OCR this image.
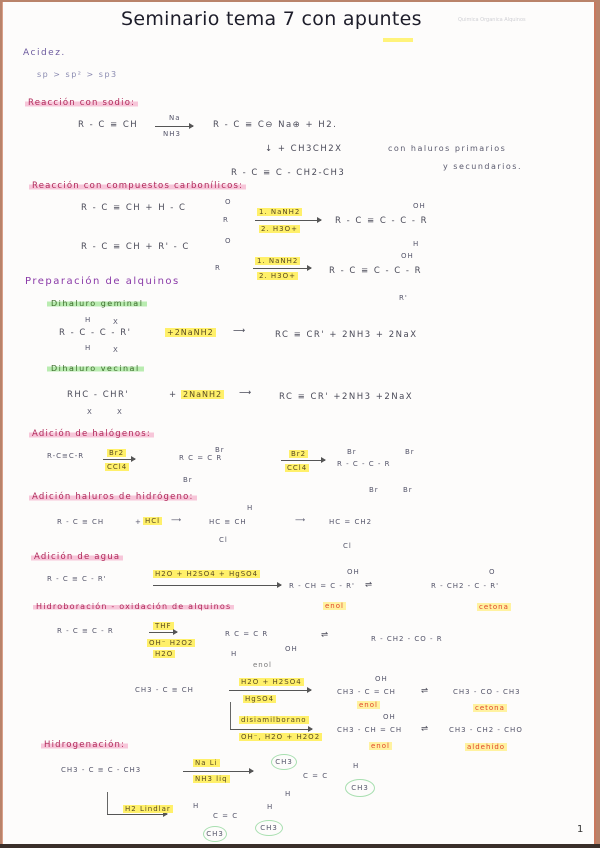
Seminario tema 7 con apuntes	Quimica Organica Alquinos
Acidez.
sp > sp² > sp3
Reacción con sodio:
R - C ≡ CH
Na
NH3
R - C ≡ C⊖ Na⊕ + H2.
↓ + CH3CH2X	con haluros primarios
y secundarios.
R - C ≡ C - CH2-CH3
Reacción con compuestos carbonílicos:
R - C ≡ CH + H - C
O
R
1. NaNH2
2. H3O+
R - C ≡ C - C - R
OH
H
R - C ≡ CH + R' - C
O
R
1. NaNH2
2. H3O+	R - C ≡ C - C - R
OH
R'
Preparación de alquinos
Dihaluro geminal
H	X
R - C - C - R'
H	X
+2NaNH2 ⟶	RC ≡ CR' + 2NH3 + 2NaX
Dihaluro vecinal
RHC - CHR'
X	X
+ 2NaNH2 ⟶	RC ≡ CR' +2NH3 +2NaX
Adición de halógenos:
R-C≡C-R	Br2
CCl4
R C = C R
Br
Br
Br2
CCl4	R - C - C - R
Br	Br
Br	Br
Adición haluros de hidrógeno:
R - C ≡ CH	+ HCl ⟶	HC ≡ CH
H
Cl
⟶	HC = CH2
Cl
Adición de agua
R - C ≡ C - R'
H2O + H2SO4 + HgSO4
R - CH = C - R'
OH
⇌	R - CH2 - C - R'
O
enol	cetona
Hidroboración - oxidación de alquinos
R - C ≡ C - R
THF
OH⁻ H2O2
H2O
R C = C R
H
OH
enol
⇌	R - CH2 - CO - R
CH3 - C ≡ CH
H2O + H2SO4
HgSO4
CH3 - C = CH
OH
⇌	CH3 - CO - CH3
enol	cetona
disiamilborano
OH⁻, H2O + H2O2
CH3 - CH = CH
OH
⇌	CH3 - CH2 - CHO
enol	aldehído
Hidrogenación:
CH3 - C ≡ C - CH3
Na Li
NH3 liq
CH3
C = C
H
H
CH3
H2 Lindlar	H
C = C
H
CH3
CH3	1
